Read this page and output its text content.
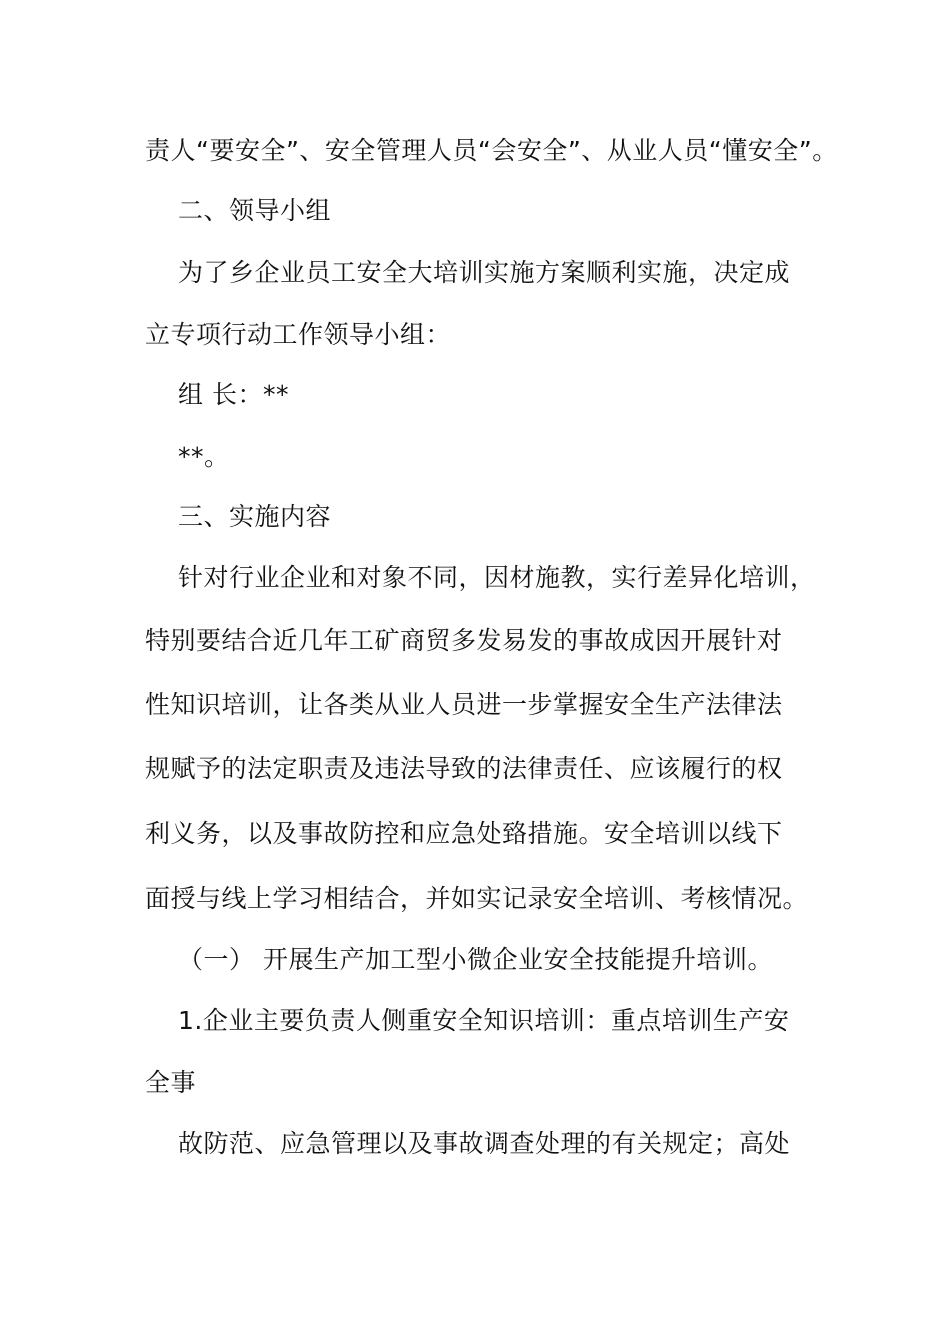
责人“要安全”、安全管理人员“会安全”、从业人员“懂安全”。
二、领导小组
为了乡企业员工安全大培训实施方案顺利实施，决定成
立专项行动工作领导小组：
组 长：**
**。
三、实施内容
针对行业企业和对象不同，因材施教，实行差异化培训，
特别要结合近几年工矿商贸多发易发的事故成因开展针对
性知识培训，让各类从业人员进一步掌握安全生产法律法
规赋予的法定职责及违法导致的法律责任、应该履行的权
利义务，以及事故防控和应急处臵措施。安全培训以线下
面授与线上学习相结合，并如实记录安全培训、考核情况。
（一） 开展生产加工型小微企业安全技能提升培训。
1.企业主要负责人侧重安全知识培训：重点培训生产安
全事
故防范、应急管理以及事故调查处理的有关规定；高处
